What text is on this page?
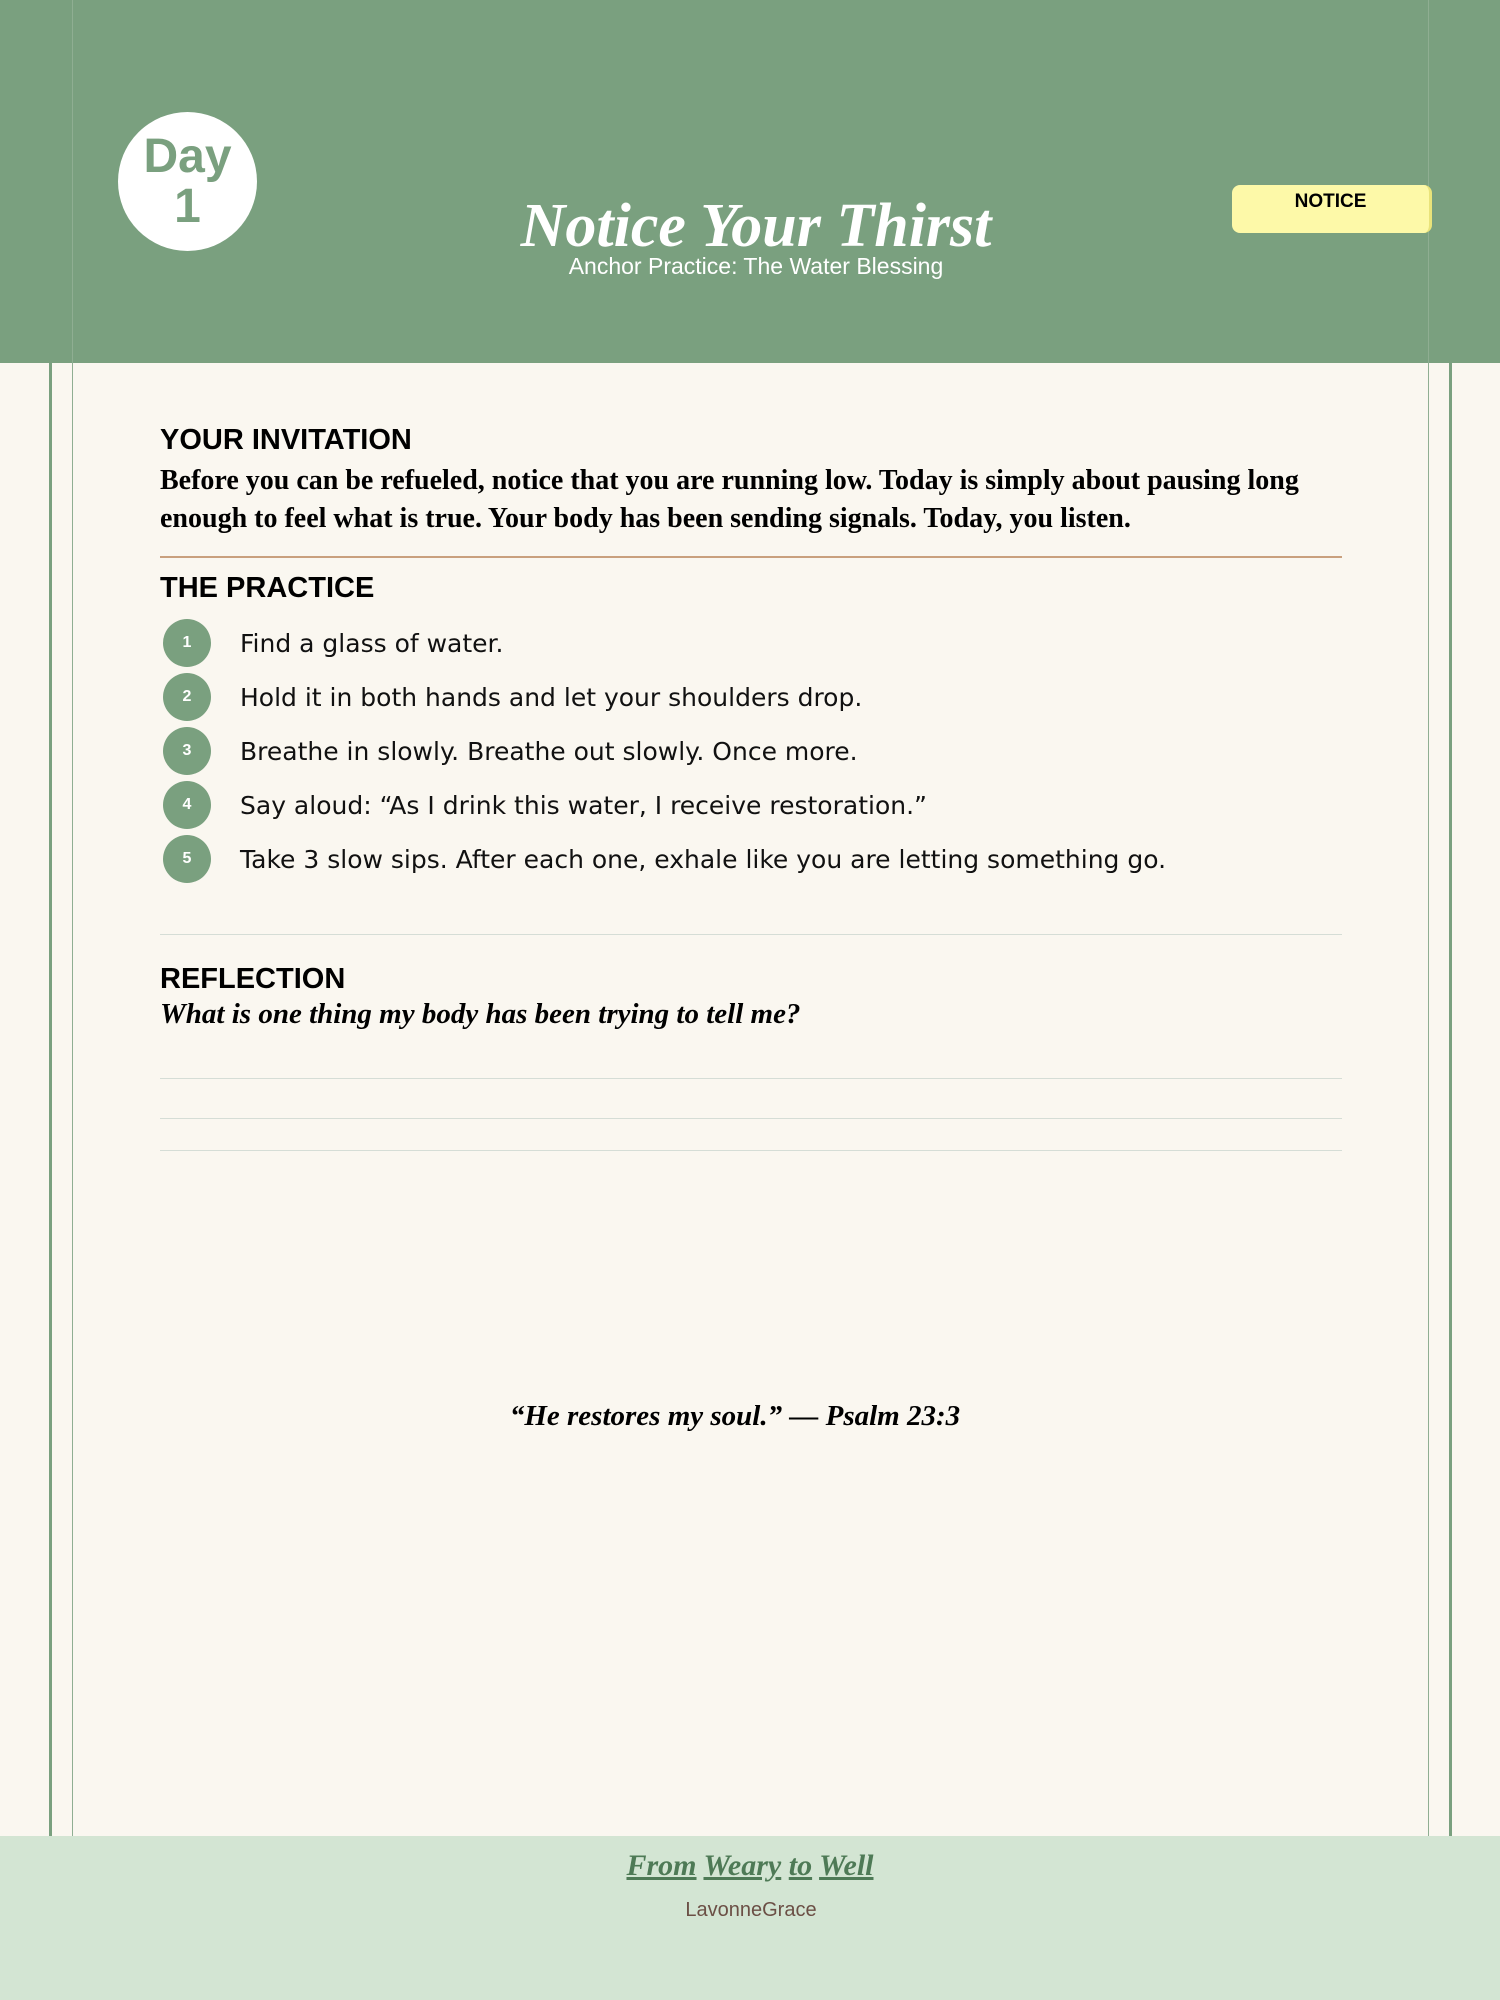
Day
1	Notice Your Thirst
Anchor Practice: The Water Blessing
NOTICE
YOUR INVITATION
Before you can be refueled, notice that you are running low. Today is simply about pausing long enough to feel what is true. Your body has been sending signals. Today, you listen.
THE PRACTICE
1	Find a glass of water.
2	Hold it in both hands and let your shoulders drop.
3	Breathe in slowly. Breathe out slowly. Once more.
4	Say aloud: “As I drink this water, I receive restoration.”
5	Take 3 slow sips. After each one, exhale like you are letting something go.
REFLECTION
What is one thing my body has been trying to tell me?
“He restores my soul.” — Psalm 23:3
From Weary to Well
LavonneGrace
